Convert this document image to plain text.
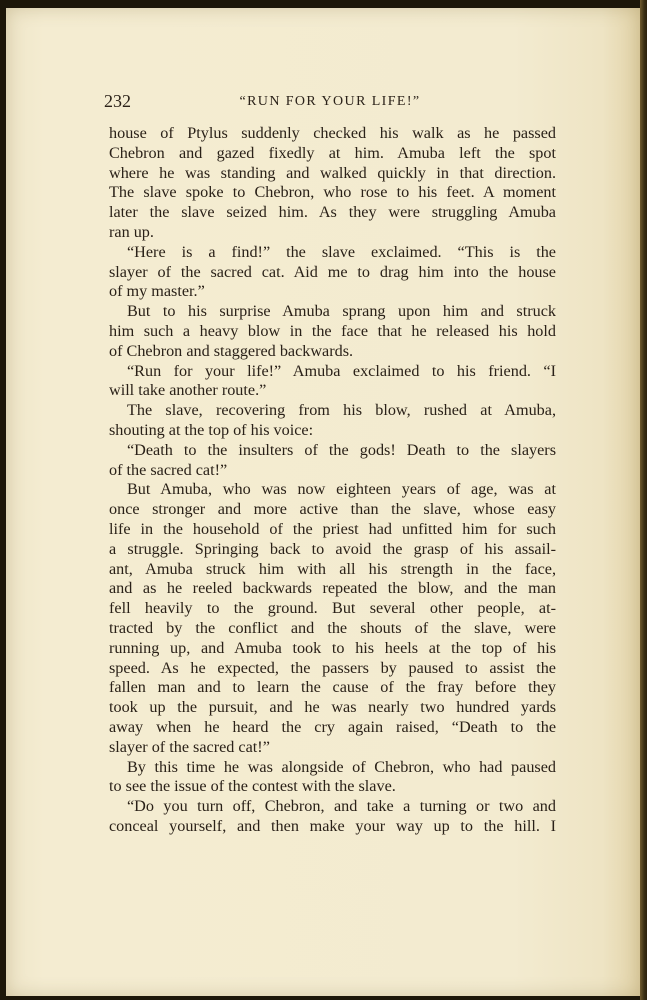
232	“RUN FOR YOUR LIFE!”
house of Ptylus suddenly checked his walk as he passed
Chebron and gazed fixedly at him. Amuba left the spot
where he was standing and walked quickly in that direction.
The slave spoke to Chebron, who rose to his feet. A moment
later the slave seized him. As they were struggling Amuba
ran up.
“Here is a find!” the slave exclaimed. “This is the
slayer of the sacred cat. Aid me to drag him into the house
of my master.”
But to his surprise Amuba sprang upon him and struck
him such a heavy blow in the face that he released his hold
of Chebron and staggered backwards.
“Run for your life!” Amuba exclaimed to his friend. “I
will take another route.”
The slave, recovering from his blow, rushed at Amuba,
shouting at the top of his voice:
“Death to the insulters of the gods! Death to the slayers
of the sacred cat!”
But Amuba, who was now eighteen years of age, was at
once stronger and more active than the slave, whose easy
life in the household of the priest had unfitted him for such
a struggle. Springing back to avoid the grasp of his assail-
ant, Amuba struck him with all his strength in the face,
and as he reeled backwards repeated the blow, and the man
fell heavily to the ground. But several other people, at-
tracted by the conflict and the shouts of the slave, were
running up, and Amuba took to his heels at the top of his
speed. As he expected, the passers by paused to assist the
fallen man and to learn the cause of the fray before they
took up the pursuit, and he was nearly two hundred yards
away when he heard the cry again raised, “Death to the
slayer of the sacred cat!”
By this time he was alongside of Chebron, who had paused
to see the issue of the contest with the slave.
“Do you turn off, Chebron, and take a turning or two and
conceal yourself, and then make your way up to the hill. I
